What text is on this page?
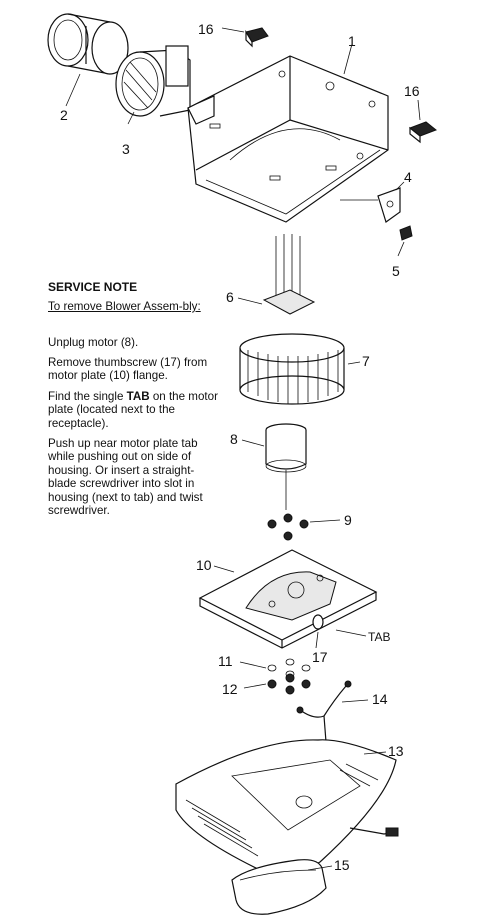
2
3
16
16
1
4
5
6
7
8
9
10
17
TAB
11
12
14
13
15
SERVICE NOTE
To remove Blower Assem-bly:
Unplug motor (8).
Remove thumbscrew (17) from motor plate (10) flange.
Find the single TAB on the motor plate (located next to the receptacle).
Push up near motor plate tab while pushing out on side of housing. Or insert a straight-blade screwdriver into slot in housing (next to tab) and twist screwdriver.
